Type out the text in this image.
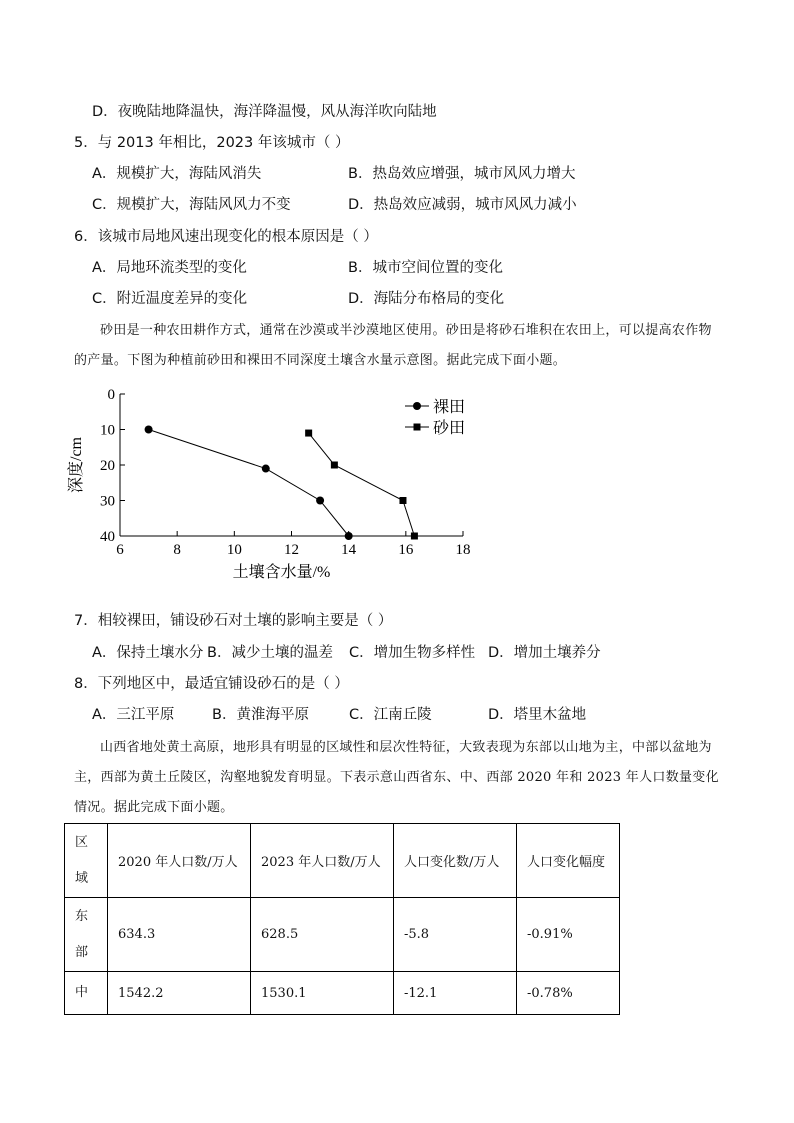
D．夜晚陆地降温快，海洋降温慢，风从海洋吹向陆地
5．与 2013 年相比，2023 年该城市（ ）
A．规模扩大，海陆风消失	B．热岛效应增强，城市风风力增大
C．规模扩大，海陆风风力不变	D．热岛效应减弱，城市风风力减小
6．该城市局地风速出现变化的根本原因是（ ）
A．局地环流类型的变化	B．城市空间位置的变化
C．附近温度差异的变化	D．海陆分布格局的变化
砂田是一种农田耕作方式，通常在沙漠或半沙漠地区使用。砂田是将砂石堆积在农田上，可以提高农作物的产量。下图为种植前砂田和裸田不同深度土壤含水量示意图。据此完成下面小题。
6	8	10	12	14	16	18
0
10
20
30
40
土壤含水量/%
深度/cm
裸田
砂田
7．相较裸田，铺设砂石对土壤的影响主要是（ ）
A．保持土壤水分 B．减少土壤的温差 C．增加生物多样性 D．增加土壤养分
8．下列地区中，最适宜铺设砂石的是（ ）
A．三江平原	B．黄淮海平原	C．江南丘陵	D．塔里木盆地
山西省地处黄土高原，地形具有明显的区域性和层次性特征，大致表现为东部以山地为主，中部以盆地为主，西部为黄土丘陵区，沟壑地貌发育明显。下表示意山西省东、中、西部 2020 年和 2023 年人口数量变化情况。据此完成下面小题。
区域	2020 年人口数/万人	2023 年人口数/万人	人口变化数/万人	人口变化幅度
东部	634.3	628.5	-5.8	-0.91%
中	1542.2	1530.1	-12.1	-0.78%
